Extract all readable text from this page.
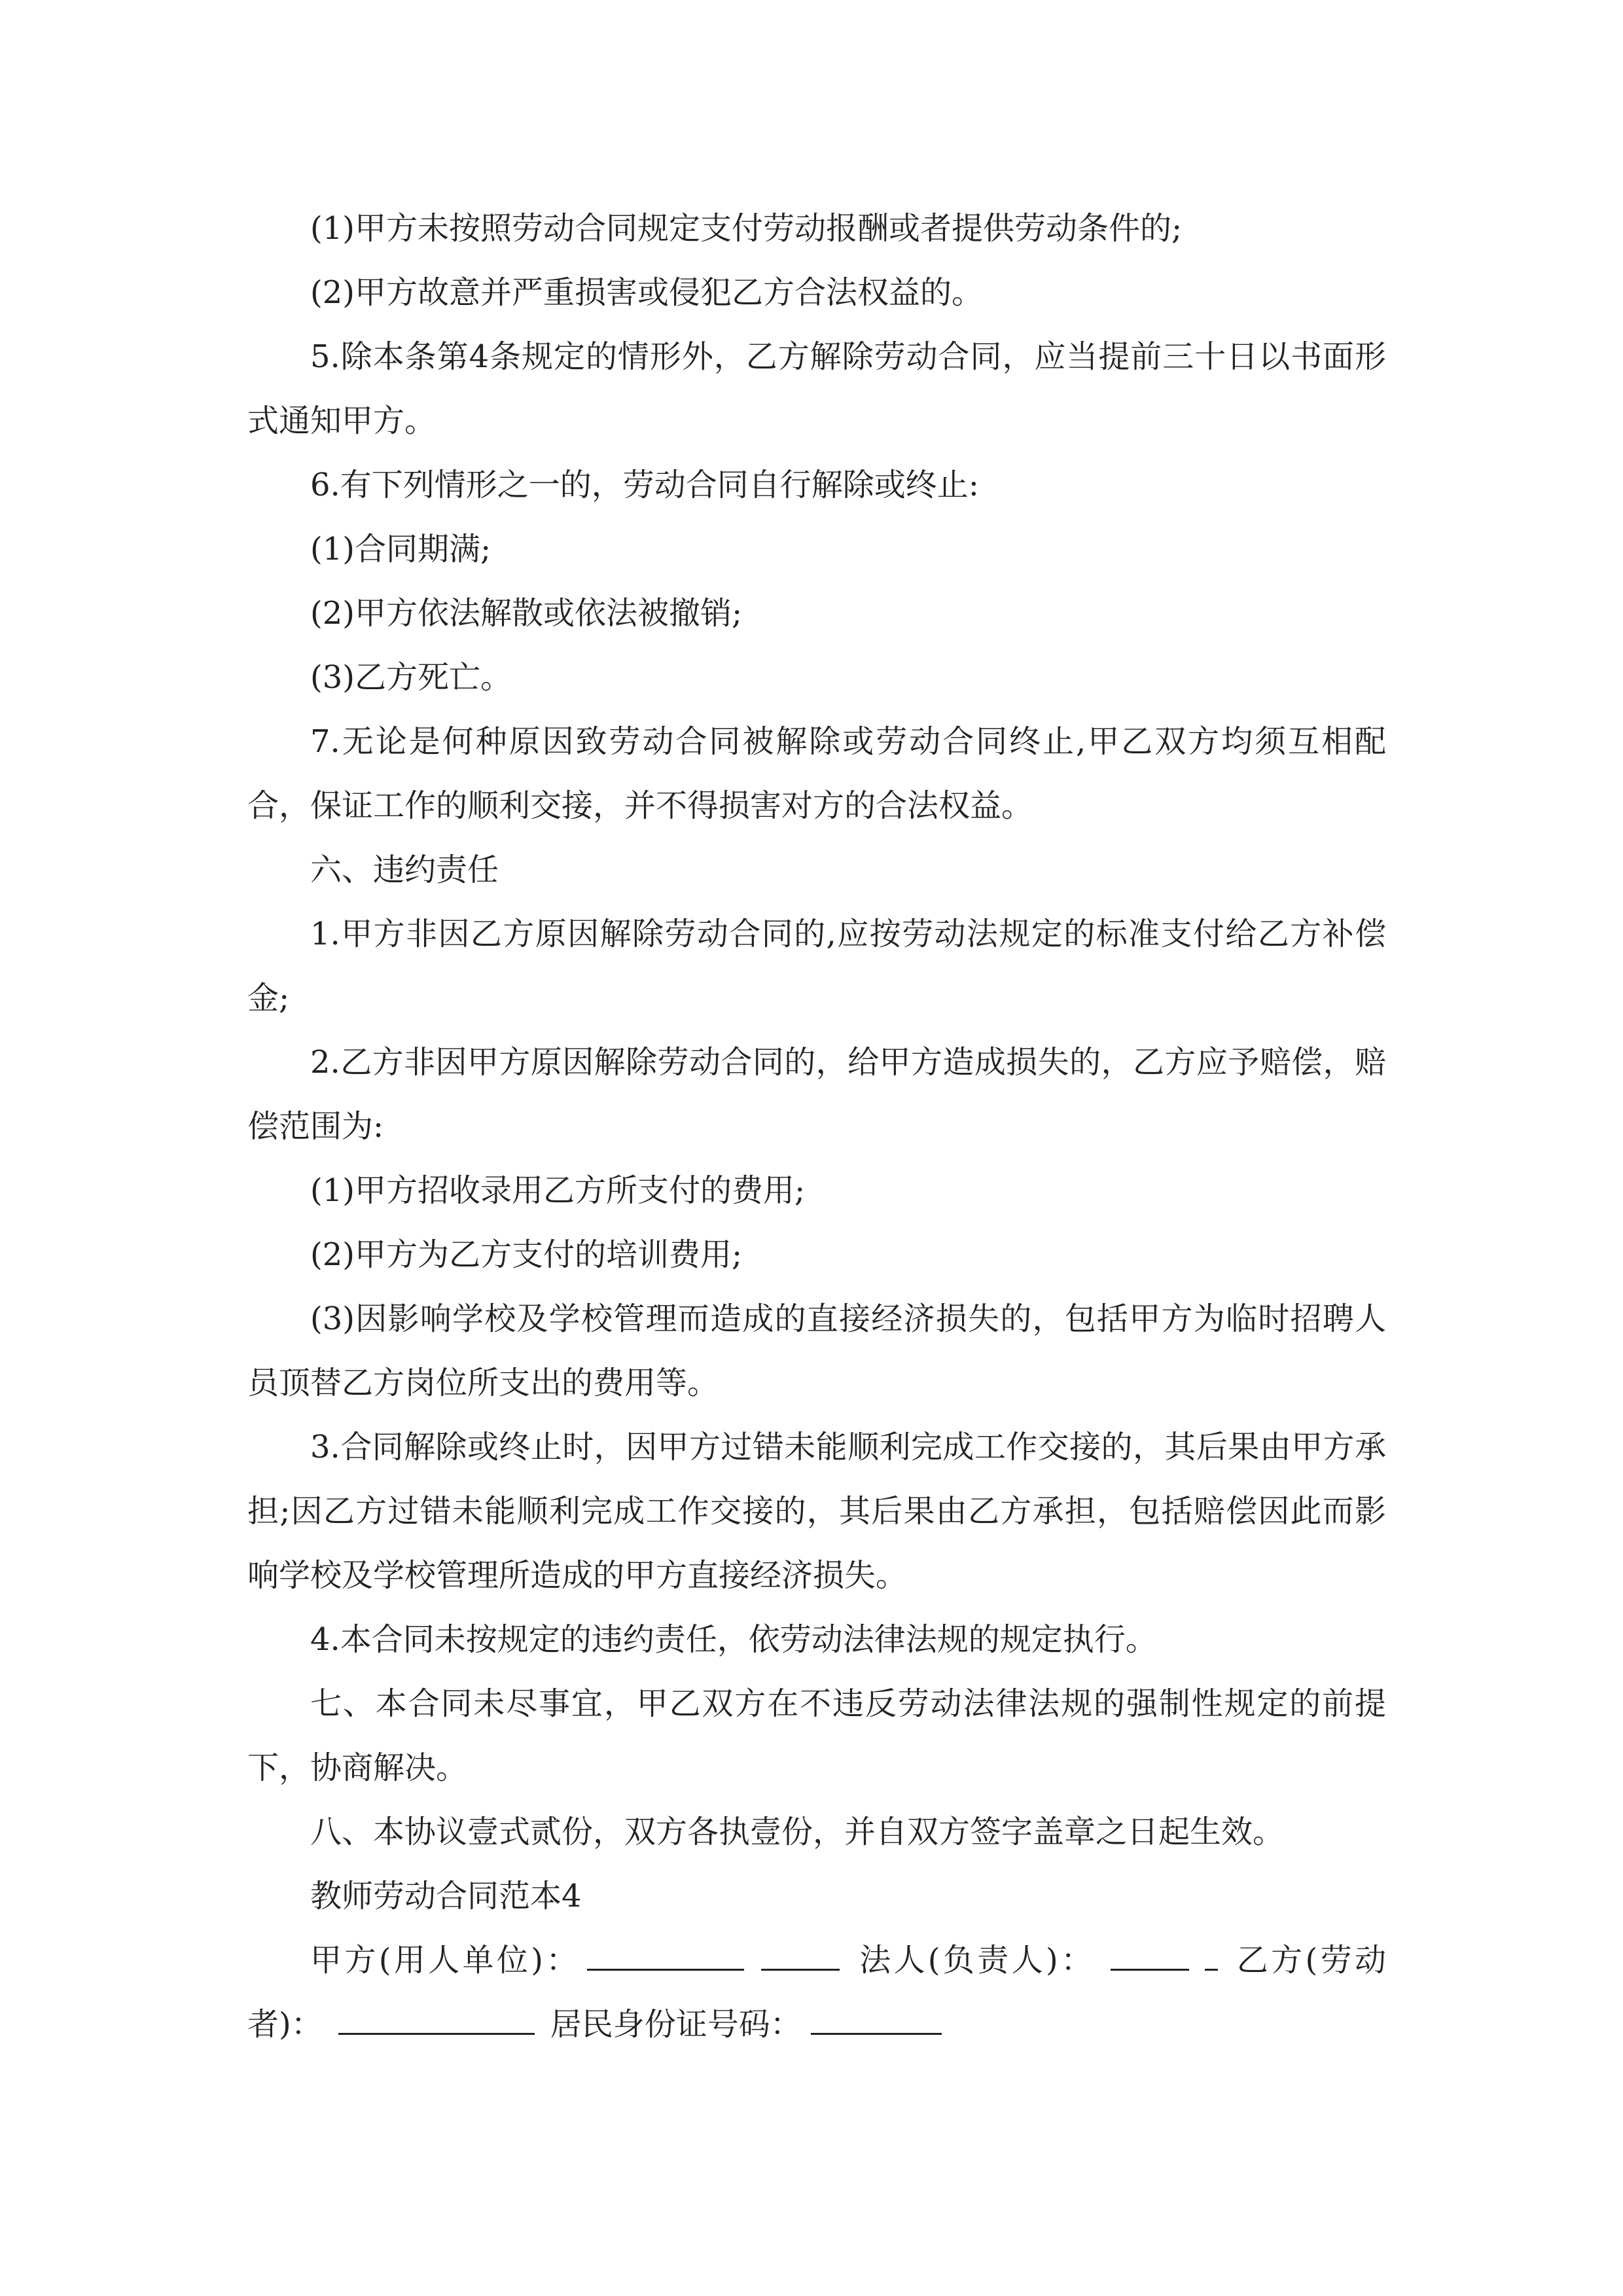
(1)甲方未按照劳动合同规定支付劳动报酬或者提供劳动条件的;

(2)甲方故意并严重损害或侵犯乙方合法权益的。

5.除本条第4条规定的情形外，乙方解除劳动合同，应当提前三十日以书面形式通知甲方。

6.有下列情形之一的，劳动合同自行解除或终止:

(1)合同期满;

(2)甲方依法解散或依法被撤销;

(3)乙方死亡。

7.无论是何种原因致劳动合同被解除或劳动合同终止,甲乙双方均须互相配合，保证工作的顺利交接，并不得损害对方的合法权益。

六、违约责任

1.甲方非因乙方原因解除劳动合同的,应按劳动法规定的标准支付给乙方补偿金;

2.乙方非因甲方原因解除劳动合同的，给甲方造成损失的，乙方应予赔偿，赔偿范围为:

(1)甲方招收录用乙方所支付的费用;

(2)甲方为乙方支付的培训费用;

(3)因影响学校及学校管理而造成的直接经济损失的，包括甲方为临时招聘人员顶替乙方岗位所支出的费用等。

3.合同解除或终止时，因甲方过错未能顺利完成工作交接的，其后果由甲方承担;因乙方过错未能顺利完成工作交接的，其后果由乙方承担，包括赔偿因此而影响学校及学校管理所造成的甲方直接经济损失。

4.本合同未按规定的违约责任，依劳动法律法规的规定执行。

七、本合同未尽事宜，甲乙双方在不违反劳动法律法规的强制性规定的前提下，协商解决。

八、本协议壹式贰份，双方各执壹份，并自双方签字盖章之日起生效。

教师劳动合同范本4

甲方(用人单位)：	法人(负责人)：	乙方(劳动者)：	居民身份证号码：
